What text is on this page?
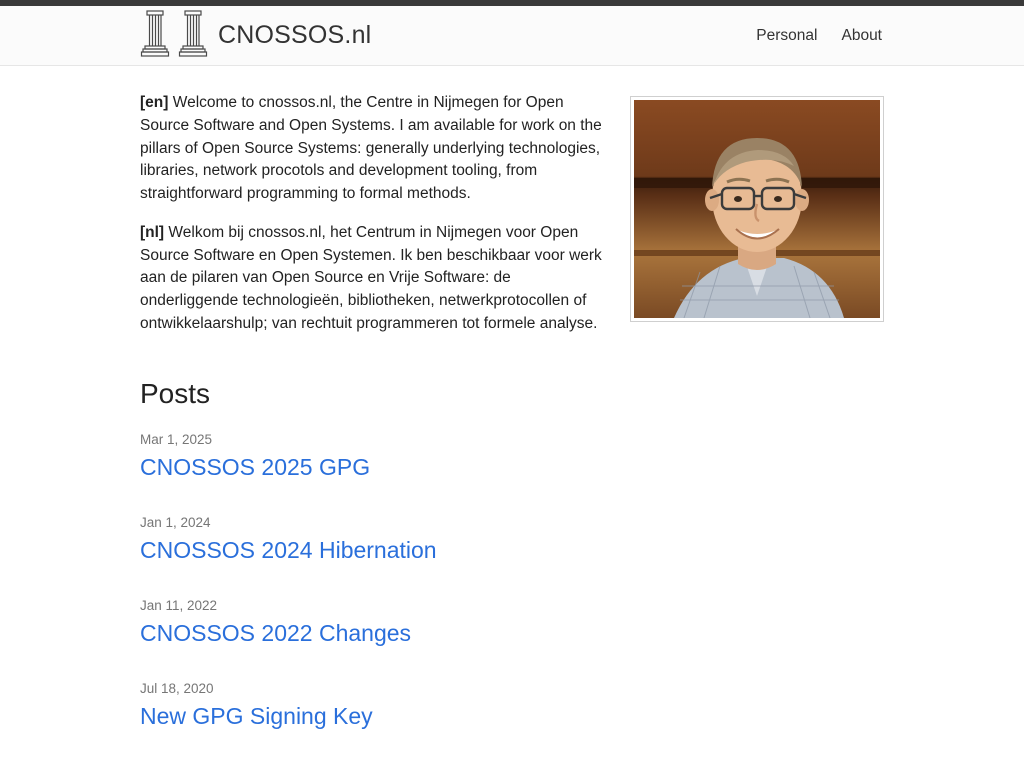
CNOSSOS.nl	Personal About

[en] Welcome to cnossos.nl, the Centre in Nijmegen for Open Source Software and Open Systems. I am available for work on the pillars of Open Source Systems: generally underlying technologies, libraries, network procotols and development tooling, from straightforward programming to formal methods.

[nl] Welkom bij cnossos.nl, het Centrum in Nijmegen voor Open Source Software en Open Systemen. Ik ben beschikbaar voor werk aan de pilaren van Open Source en Vrije Software: de onderliggende technologieën, bibliotheken, netwerkprotocollen of ontwikkelaarshulp; van rechtuit programmeren tot formele analyse.

Posts
Mar 1, 2025
CNOSSOS 2025 GPG
Jan 1, 2024
CNOSSOS 2024 Hibernation
Jan 11, 2022
CNOSSOS 2022 Changes
Jul 18, 2020
New GPG Signing Key
